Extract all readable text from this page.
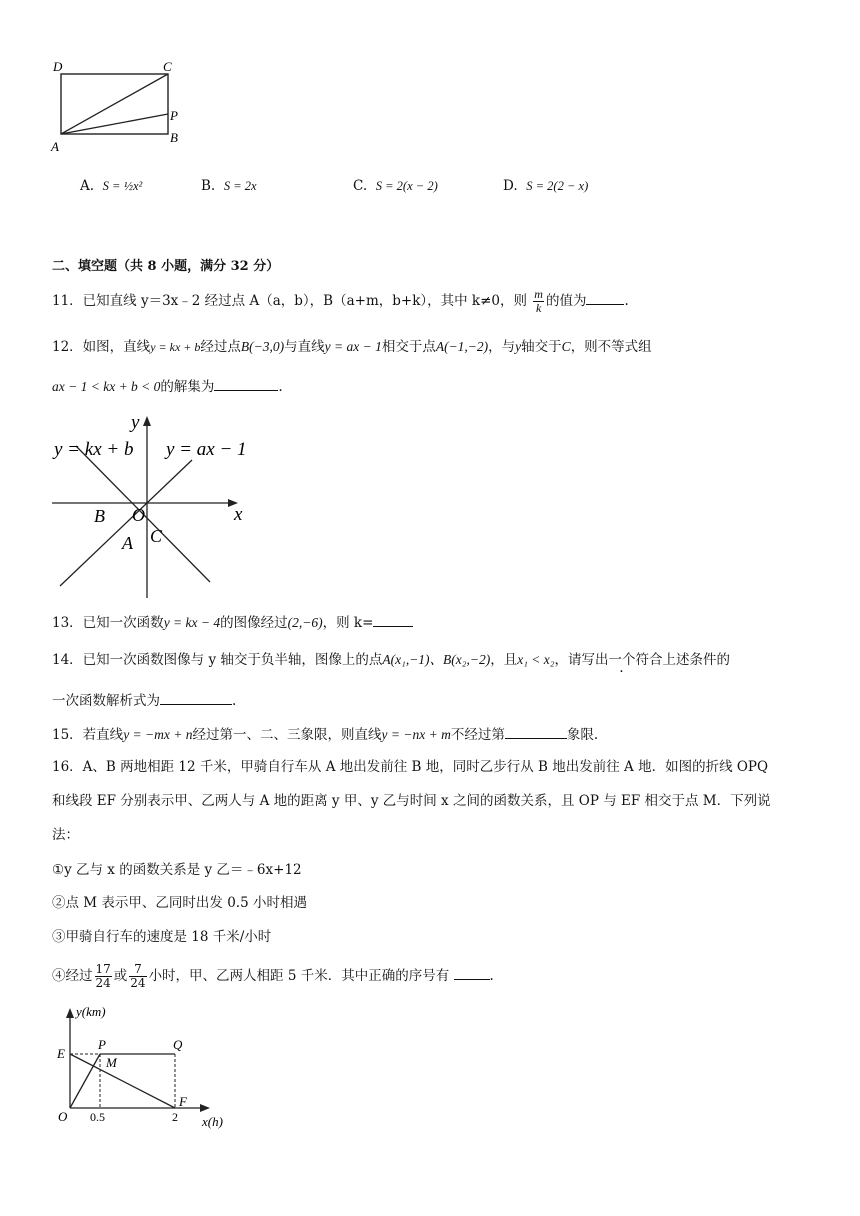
D	C
P
B
A
A. S = ½x²	B. S = 2x	C. S = 2(x − 2)	D. S = 2(2 − x)
二、填空题（共 8 小题，满分 32 分）
11．已知直线 y＝3x﹣2 经过点 A（a，b），B（a+m，b+k），其中 k≠0，则 $\frac{m}{k}$ 的值为	.
12．如图，直线y = kx + b经过点B(−3,0)与直线y = ax − 1相交于点A(−1,−2)，与y轴交于C，则不等式组
ax − 1 < kx + b < 0的解集为	.
y = kx + b y = ax − 1
y
x
B O
A C
13．已知一次函数y = kx − 4的图像经过(2,−6)，则 k=
14．已知一次函数图像与 y 轴交于负半轴，图像上的点A(x₁,−1)、B(x₂,−2)，且x₁ < x₂，请写出一个符合上述条件的
一次函数解析式为	.
15．若直线y = −mx + n经过第一、二、三象限，则直线y = −nx + m不经过第	象限.
16．A、B 两地相距 12 千米，甲骑自行车从 A 地出发前往 B 地，同时乙步行从 B 地出发前往 A 地．如图的折线 OPQ
和线段 EF 分别表示甲、乙两人与 A 地的距离 y 甲、y 乙与时间 x 之间的函数关系，且 OP 与 EF 相交于点 M．下列说
法：
①y 乙与 x 的函数关系是 y 乙＝﹣6x+12
②点 M 表示甲、乙同时出发 0.5 小时相遇
③甲骑自行车的速度是 18 千米/小时
④经过 $\frac{17}{24}$ 或 $\frac{7}{24}$ 小时，甲、乙两人相距 5 千米．其中正确的序号有	.
y(km)
E
P	Q
M
O 0.5	2
F
x(h)
